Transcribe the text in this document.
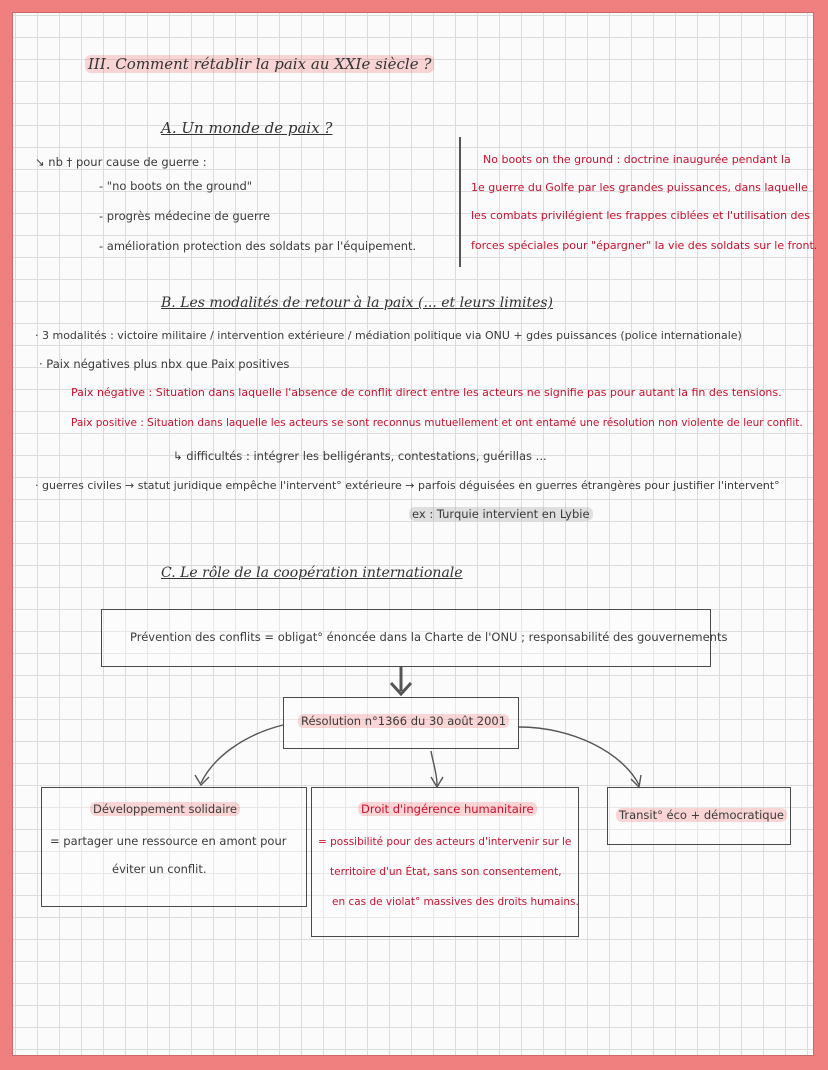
III. Comment rétablir la paix au XXIe siècle ?
A. Un monde de paix ?
↘ nb † pour cause de guerre :
- "no boots on the ground"
- progrès médecine de guerre
- amélioration protection des soldats par l'équipement.
No boots on the ground : doctrine inaugurée pendant la
1e guerre du Golfe par les grandes puissances, dans laquelle
les combats privilégient les frappes ciblées et l'utilisation des
forces spéciales pour "épargner" la vie des soldats sur le front.
B. Les modalités de retour à la paix (... et leurs limites)
· 3 modalités : victoire militaire / intervention extérieure / médiation politique via ONU + gdes puissances (police internationale)
· Paix négatives plus nbx que Paix positives
Paix négative : Situation dans laquelle l'absence de conflit direct entre les acteurs ne signifie pas pour autant la fin des tensions.
Paix positive : Situation dans laquelle les acteurs se sont reconnus mutuellement et ont entamé une résolution non violente de leur conflit.
↳ difficultés : intégrer les belligérants, contestations, guérillas ...
· guerres civiles → statut juridique empêche l'intervent° extérieure → parfois déguisées en guerres étrangères pour justifier l'intervent°
ex : Turquie intervient en Lybie
C. Le rôle de la coopération internationale
Prévention des conflits = obligat° énoncée dans la Charte de l'ONU ; responsabilité des gouvernements
Résolution n°1366 du 30 août 2001
Développement solidaire
= partager une ressource en amont pour
éviter un conflit.
Droit d'ingérence humanitaire
= possibilité pour des acteurs d'intervenir sur le
territoire d'un État, sans son consentement,
en cas de violat° massives des droits humains.
Transit° éco + démocratique
